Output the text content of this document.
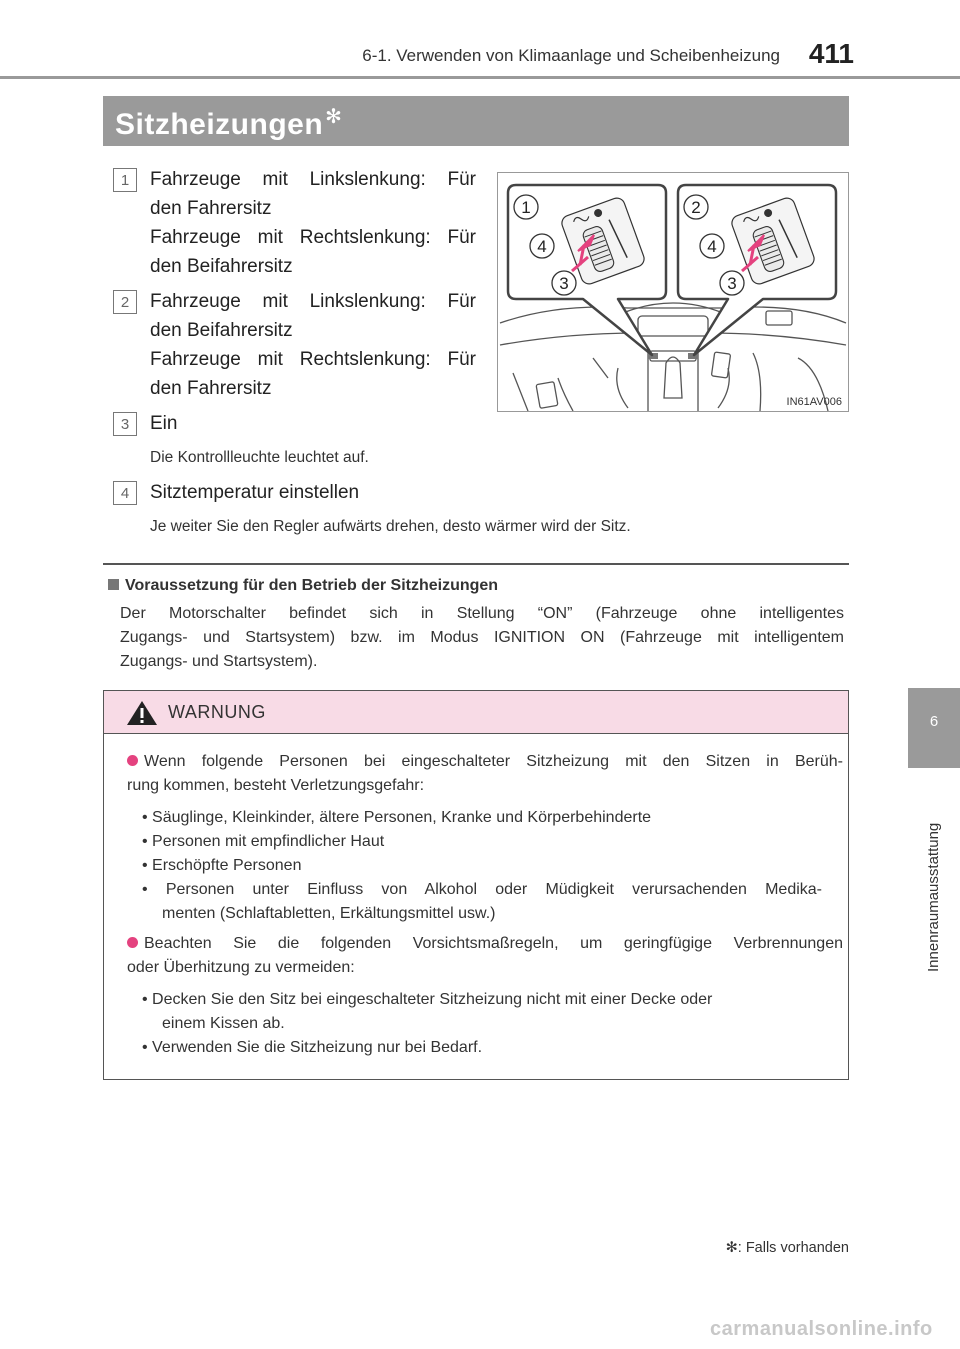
6-1. Verwenden von Klimaanlage und Scheibenheizung	411
6
Innenraumausstattung
Sitzheizungen ✻
1	Fahrzeuge mit Linkslenkung: Für
den Fahrersitz
Fahrzeuge mit Rechtslenkung: Für
den Beifahrersitz
2	Fahrzeuge mit Linkslenkung: Für
den Beifahrersitz
Fahrzeuge mit Rechtslenkung: Für
den Fahrersitz
3	Ein
Die Kontrollleuchte leuchtet auf.
4	Sitztemperatur einstellen
Je weiter Sie den Regler aufwärts drehen, desto wärmer wird der Sitz.
1	2
4	4
3	3
IN61AV006
Voraussetzung für den Betrieb der Sitzheizungen
Der Motorschalter befindet sich in Stellung “ON” (Fahrzeuge ohne intelligentes
Zugangs- und Startsystem) bzw. im Modus IGNITION ON (Fahrzeuge mit intelligentem
Zugangs- und Startsystem).
WARNUNG
Wenn folgende Personen bei eingeschalteter Sitzheizung mit den Sitzen in Berüh-
rung kommen, besteht Verletzungsgefahr:
• Säuglinge, Kleinkinder, ältere Personen, Kranke und Körperbehinderte
• Personen mit empfindlicher Haut
• Erschöpfte Personen
• Personen unter Einfluss von Alkohol oder Müdigkeit verursachenden Medika-
menten (Schlaftabletten, Erkältungsmittel usw.)
Beachten Sie die folgenden Vorsichtsmaßregeln, um geringfügige Verbrennungen
oder Überhitzung zu vermeiden:
• Decken Sie den Sitz bei eingeschalteter Sitzheizung nicht mit einer Decke oder
einem Kissen ab.
• Verwenden Sie die Sitzheizung nur bei Bedarf.
✻: Falls vorhanden
carmanualsonline.info
